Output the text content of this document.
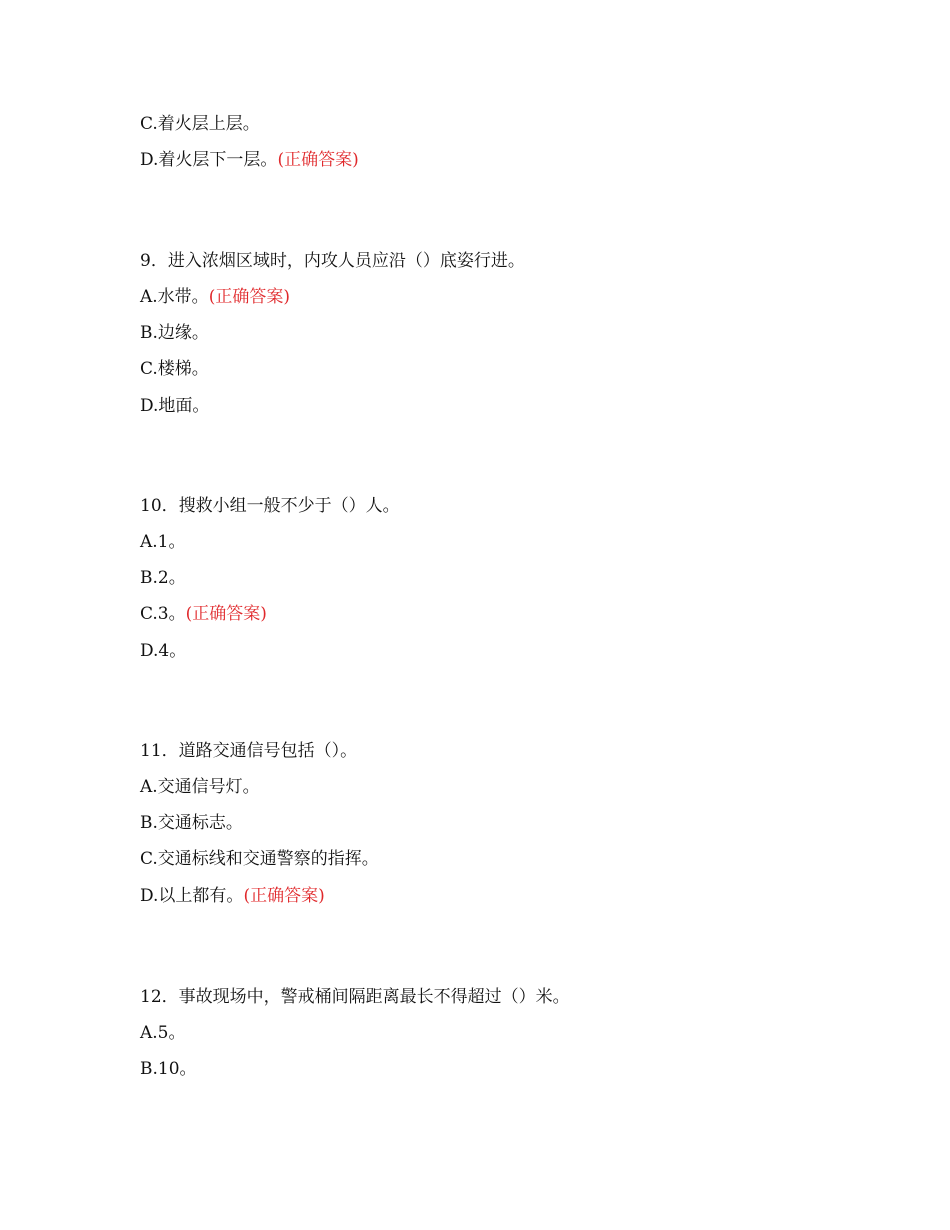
C.着火层上层。
D.着火层下一层。(正确答案)
9．进入浓烟区域时，内攻人员应沿（）底姿行进。
A.水带。(正确答案)
B.边缘。
C.楼梯。
D.地面。
10．搜救小组一般不少于（）人。
A.1。
B.2。
C.3。(正确答案)
D.4。
11．道路交通信号包括（）。
A.交通信号灯。
B.交通标志。
C.交通标线和交通警察的指挥。
D.以上都有。(正确答案)
12．事故现场中，警戒桶间隔距离最长不得超过（）米。
A.5。
B.10。
